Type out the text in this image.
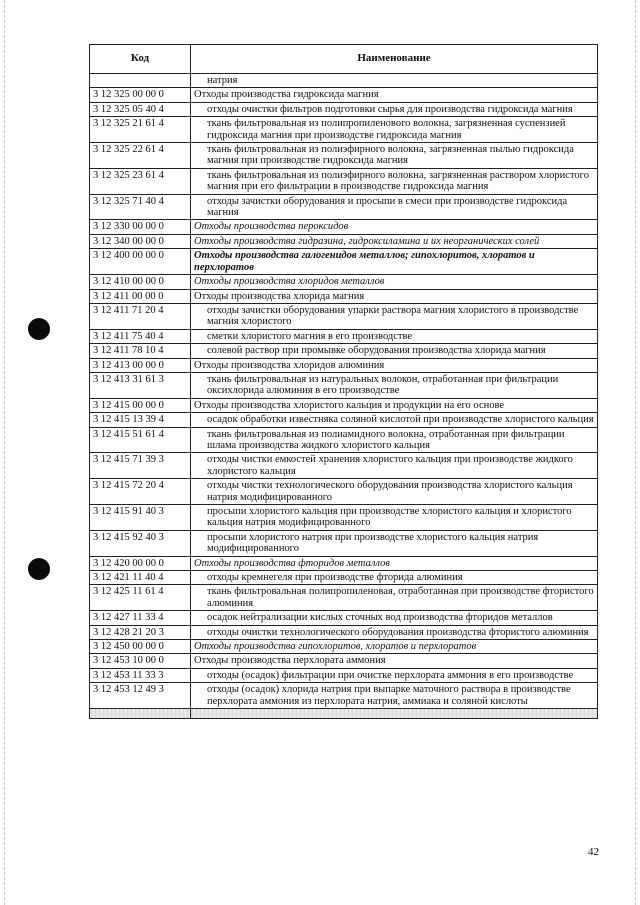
Код	Наименование
	натрия
3 12 325 00 00 0	Отходы производства гидроксида магния
3 12 325 05 40 4	отходы очистки фильтров подготовки сырья для производства гидроксида магния
3 12 325 21 61 4	ткань фильтровальная из полипропиленового волокна, загрязненная суспензией гидроксида магния при производстве гидроксида магния
3 12 325 22 61 4	ткань фильтровальная из полиэфирного волокна, загрязненная пылью гидроксида магния при производстве гидроксида магния
3 12 325 23 61 4	ткань фильтровальная из полиэфирного волокна, загрязненная раствором хлористого магния при его фильтрации в производстве гидроксида магния
3 12 325 71 40 4	отходы зачистки оборудования и просыпи в смеси при производстве гидроксида магния
3 12 330 00 00 0	Отходы производства пероксидов
3 12 340 00 00 0	Отходы производства гидразина, гидроксиламина и их неорганических солей
3 12 400 00 00 0	Отходы производства галогенидов металлов; гипохлоритов, хлоратов и перхлоратов
3 12 410 00 00 0	Отходы производства хлоридов металлов
3 12 411 00 00 0	Отходы производства хлорида магния
3 12 411 71 20 4	отходы зачистки оборудования упарки раствора магния хлористого в производстве магния хлористого
3 12 411 75 40 4	сметки хлористого магния в его производстве
3 12 411 78 10 4	солевой раствор при промывке оборудования производства хлорида магния
3 12 413 00 00 0	Отходы производства хлоридов алюминия
3 12 413 31 61 3	ткань фильтровальная из натуральных волокон, отработанная при фильтрации оксихлорида алюминия в его производстве
3 12 415 00 00 0	Отходы производства хлористого кальция и продукции на его основе
3 12 415 13 39 4	осадок обработки известняка соляной кислотой при производстве хлористого кальция
3 12 415 51 61 4	ткань фильтровальная из полиамидного волокна, отработанная при фильтрации шлама производства жидкого хлористого кальция
3 12 415 71 39 3	отходы чистки емкостей хранения хлористого кальция при производстве жидкого хлористого кальция
3 12 415 72 20 4	отходы чистки технологического оборудования производства хлористого кальция натрия модифицированного
3 12 415 91 40 3	просыпи хлористого кальция при производстве хлористого кальция и хлористого кальция натрия модифицированного
3 12 415 92 40 3	просыпи хлористого натрия при производстве хлористого кальция натрия модифицированного
3 12 420 00 00 0	Отходы производства фторидов металлов
3 12 421 11 40 4	отходы кремнегеля при производстве фторида алюминия
3 12 425 11 61 4	ткань фильтровальная полипропиленовая, отработанная при производстве фтористого алюминия
3 12 427 11 33 4	осадок нейтрализации кислых сточных вод производства фторидов металлов
3 12 428 21 20 3	отходы очистки технологического оборудования производства фтористого алюминия
3 12 450 00 00 0	Отходы производства гипохлоритов, хлоратов и перхлоратов
3 12 453 10 00 0	Отходы производства перхлората аммония
3 12 453 11 33 3	отходы (осадок) фильтрации при очистке перхлората аммония в его производстве
3 12 453 12 49 3	отходы (осадок) хлорида натрия при выпарке маточного раствора в производстве перхлората аммония из перхлората натрия, аммиака и соляной кислоты

42
